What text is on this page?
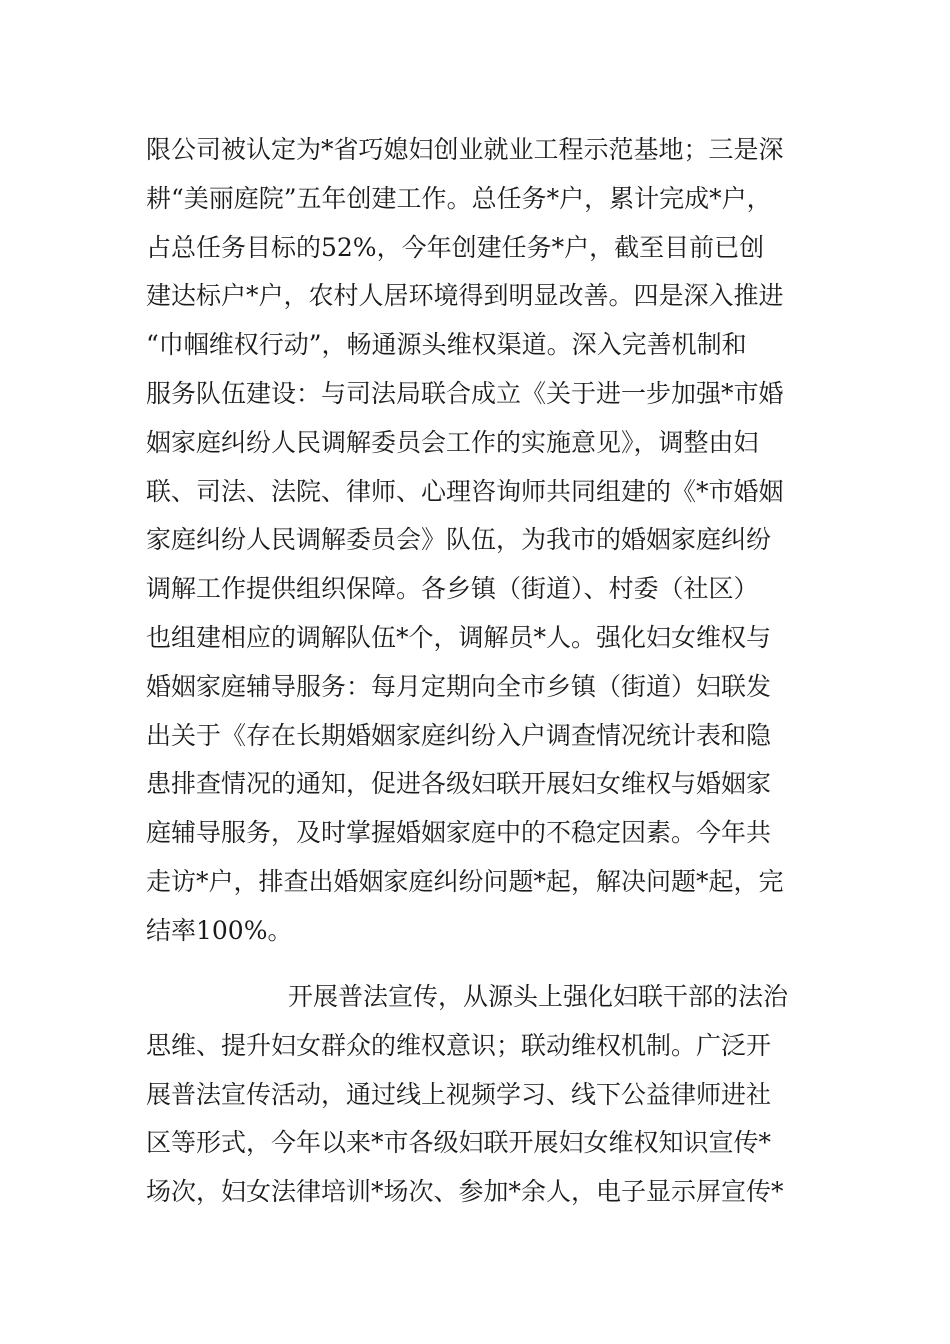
限公司被认定为*省巧媳妇创业就业工程示范基地；三是深
耕“美丽庭院”五年创建工作。总任务*户，累计完成*户，
占总任务目标的52%，今年创建任务*户，截至目前已创
建达标户*户，农村人居环境得到明显改善。四是深入推进
“巾帼维权行动”，畅通源头维权渠道。深入完善机制和
服务队伍建设：与司法局联合成立《关于进一步加强*市婚
姻家庭纠纷人民调解委员会工作的实施意见》，调整由妇
联、司法、法院、律师、心理咨询师共同组建的《*市婚姻
家庭纠纷人民调解委员会》队伍，为我市的婚姻家庭纠纷
调解工作提供组织保障。各乡镇（街道）、村委（社区）
也组建相应的调解队伍*个，调解员*人。强化妇女维权与
婚姻家庭辅导服务：每月定期向全市乡镇（街道）妇联发
出关于《存在长期婚姻家庭纠纷入户调查情况统计表和隐
患排查情况的通知，促进各级妇联开展妇女维权与婚姻家
庭辅导服务，及时掌握婚姻家庭中的不稳定因素。今年共
走访*户，排查出婚姻家庭纠纷问题*起，解决问题*起，完
结率100%。
开展普法宣传，从源头上强化妇联干部的法治
思维、提升妇女群众的维权意识；联动维权机制。广泛开
展普法宣传活动，通过线上视频学习、线下公益律师进社
区等形式，今年以来*市各级妇联开展妇女维权知识宣传*
场次，妇女法律培训*场次、参加*余人，电子显示屏宣传*
